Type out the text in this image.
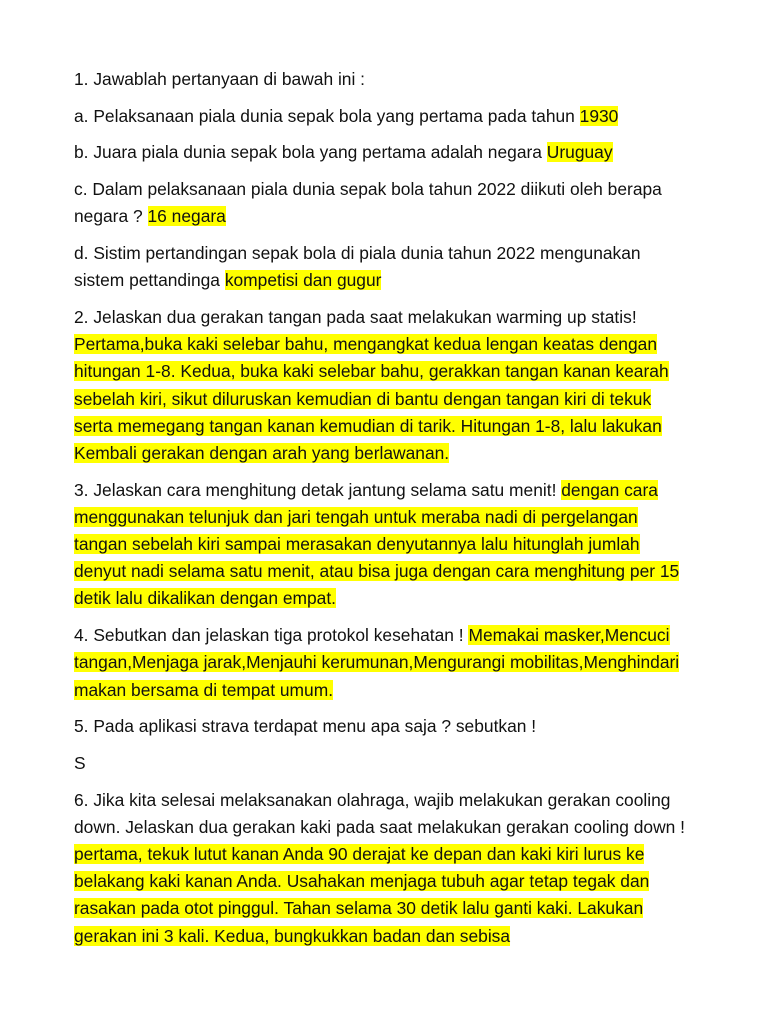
1. Jawablah pertanyaan di bawah ini :

a. Pelaksanaan piala dunia sepak bola yang pertama pada tahun 1930

b. Juara piala dunia sepak bola yang pertama adalah negara Uruguay

c. Dalam pelaksanaan piala dunia sepak bola tahun 2022 diikuti oleh berapa negara ? 16 negara

d. Sistim pertandingan sepak bola di piala dunia tahun 2022 mengunakan sistem pettandinga kompetisi dan gugur

2. Jelaskan dua gerakan tangan pada saat melakukan warming up statis! Pertama,buka kaki selebar bahu, mengangkat kedua lengan keatas dengan hitungan 1-8. Kedua, buka kaki selebar bahu, gerakkan tangan kanan kearah sebelah kiri, sikut diluruskan kemudian di bantu dengan tangan kiri di tekuk serta memegang tangan kanan kemudian di tarik. Hitungan 1-8, lalu lakukan Kembali gerakan dengan arah yang berlawanan.

3. Jelaskan cara menghitung detak jantung selama satu menit! dengan cara menggunakan telunjuk dan jari tengah untuk meraba nadi di pergelangan tangan sebelah kiri sampai merasakan denyutannya lalu hitunglah jumlah denyut nadi selama satu menit, atau bisa juga dengan cara menghitung per 15 detik lalu dikalikan dengan empat.

4. Sebutkan dan jelaskan tiga protokol kesehatan ! Memakai masker,Mencuci tangan,Menjaga jarak,Menjauhi kerumunan,Mengurangi mobilitas,Menghindari makan bersama di tempat umum.

5. Pada aplikasi strava terdapat menu apa saja ? sebutkan !

S

6. Jika kita selesai melaksanakan olahraga, wajib melakukan gerakan cooling down. Jelaskan dua gerakan kaki pada saat melakukan gerakan cooling down ! pertama, tekuk lutut kanan Anda 90 derajat ke depan dan kaki kiri lurus ke belakang kaki kanan Anda. Usahakan menjaga tubuh agar tetap tegak dan rasakan pada otot pinggul. Tahan selama 30 detik lalu ganti kaki. Lakukan gerakan ini 3 kali. Kedua, bungkukkan badan dan sebisa
